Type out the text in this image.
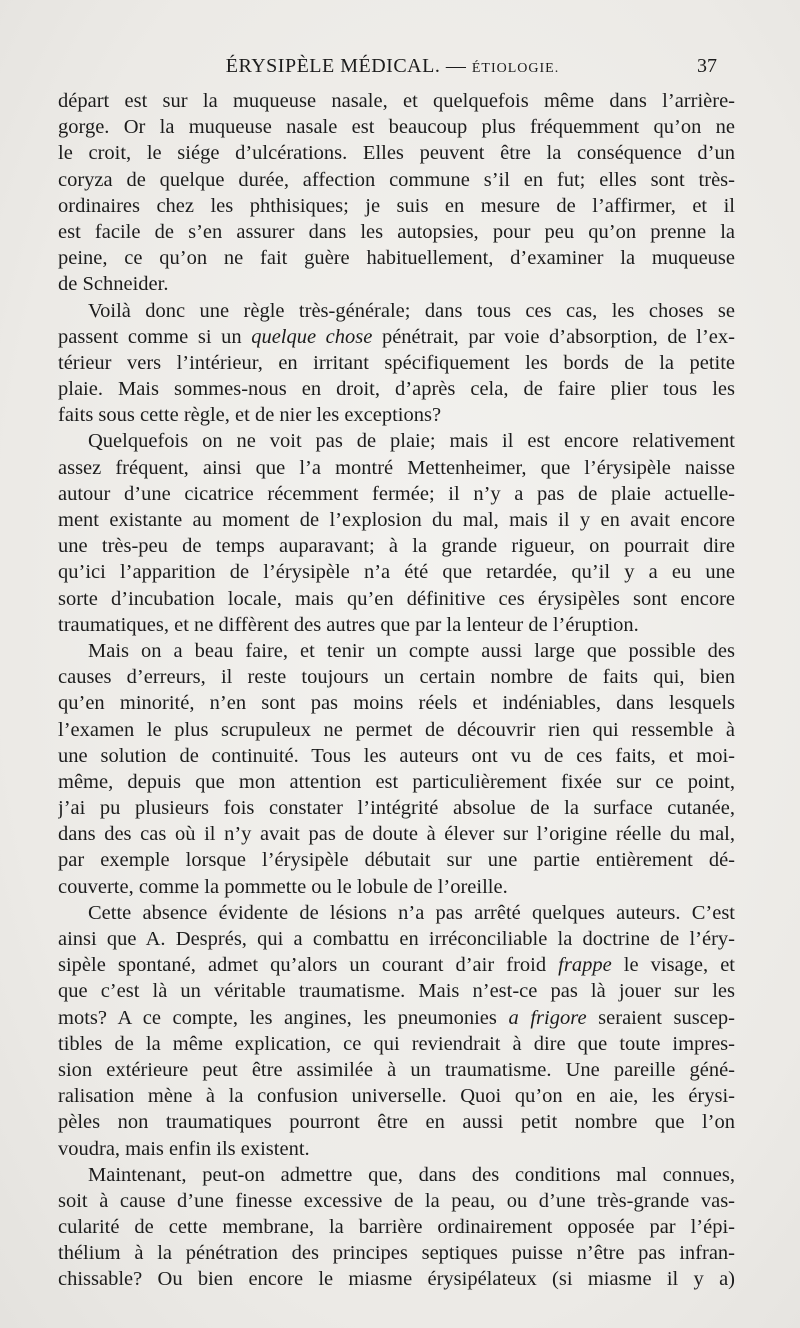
ÉRYSIPÈLE MÉDICAL. — ÉTIOLOGIE.	37
départ est sur la muqueuse nasale, et quelquefois même dans l’arrière-
gorge. Or la muqueuse nasale est beaucoup plus fréquemment qu’on ne
le croit, le siége d’ulcérations. Elles peuvent être la conséquence d’un
coryza de quelque durée, affection commune s’il en fut; elles sont très-
ordinaires chez les phthisiques; je suis en mesure de l’affirmer, et il
est facile de s’en assurer dans les autopsies, pour peu qu’on prenne la
peine, ce qu’on ne fait guère habituellement, d’examiner la muqueuse
de Schneider.
Voilà donc une règle très-générale; dans tous ces cas, les choses se
passent comme si un quelque chose pénétrait, par voie d’absorption, de l’ex-
térieur vers l’intérieur, en irritant spécifiquement les bords de la petite
plaie. Mais sommes-nous en droit, d’après cela, de faire plier tous les
faits sous cette règle, et de nier les exceptions?
Quelquefois on ne voit pas de plaie; mais il est encore relativement
assez fréquent, ainsi que l’a montré Mettenheimer, que l’érysipèle naisse
autour d’une cicatrice récemment fermée; il n’y a pas de plaie actuelle-
ment existante au moment de l’explosion du mal, mais il y en avait encore
une très-peu de temps auparavant; à la grande rigueur, on pourrait dire
qu’ici l’apparition de l’érysipèle n’a été que retardée, qu’il y a eu une
sorte d’incubation locale, mais qu’en définitive ces érysipèles sont encore
traumatiques, et ne diffèrent des autres que par la lenteur de l’éruption.
Mais on a beau faire, et tenir un compte aussi large que possible des
causes d’erreurs, il reste toujours un certain nombre de faits qui, bien
qu’en minorité, n’en sont pas moins réels et indéniables, dans lesquels
l’examen le plus scrupuleux ne permet de découvrir rien qui ressemble à
une solution de continuité. Tous les auteurs ont vu de ces faits, et moi-
même, depuis que mon attention est particulièrement fixée sur ce point,
j’ai pu plusieurs fois constater l’intégrité absolue de la surface cutanée,
dans des cas où il n’y avait pas de doute à élever sur l’origine réelle du mal,
par exemple lorsque l’érysipèle débutait sur une partie entièrement dé-
couverte, comme la pommette ou le lobule de l’oreille.
Cette absence évidente de lésions n’a pas arrêté quelques auteurs. C’est
ainsi que A. Després, qui a combattu en irréconciliable la doctrine de l’éry-
sipèle spontané, admet qu’alors un courant d’air froid frappe le visage, et
que c’est là un véritable traumatisme. Mais n’est-ce pas là jouer sur les
mots? A ce compte, les angines, les pneumonies a frigore seraient suscep-
tibles de la même explication, ce qui reviendrait à dire que toute impres-
sion extérieure peut être assimilée à un traumatisme. Une pareille géné-
ralisation mène à la confusion universelle. Quoi qu’on en aie, les érysi-
pèles non traumatiques pourront être en aussi petit nombre que l’on
voudra, mais enfin ils existent.
Maintenant, peut-on admettre que, dans des conditions mal connues,
soit à cause d’une finesse excessive de la peau, ou d’une très-grande vas-
cularité de cette membrane, la barrière ordinairement opposée par l’épi-
thélium à la pénétration des principes septiques puisse n’être pas infran-
chissable? Ou bien encore le miasme érysipélateux (si miasme il y a)
